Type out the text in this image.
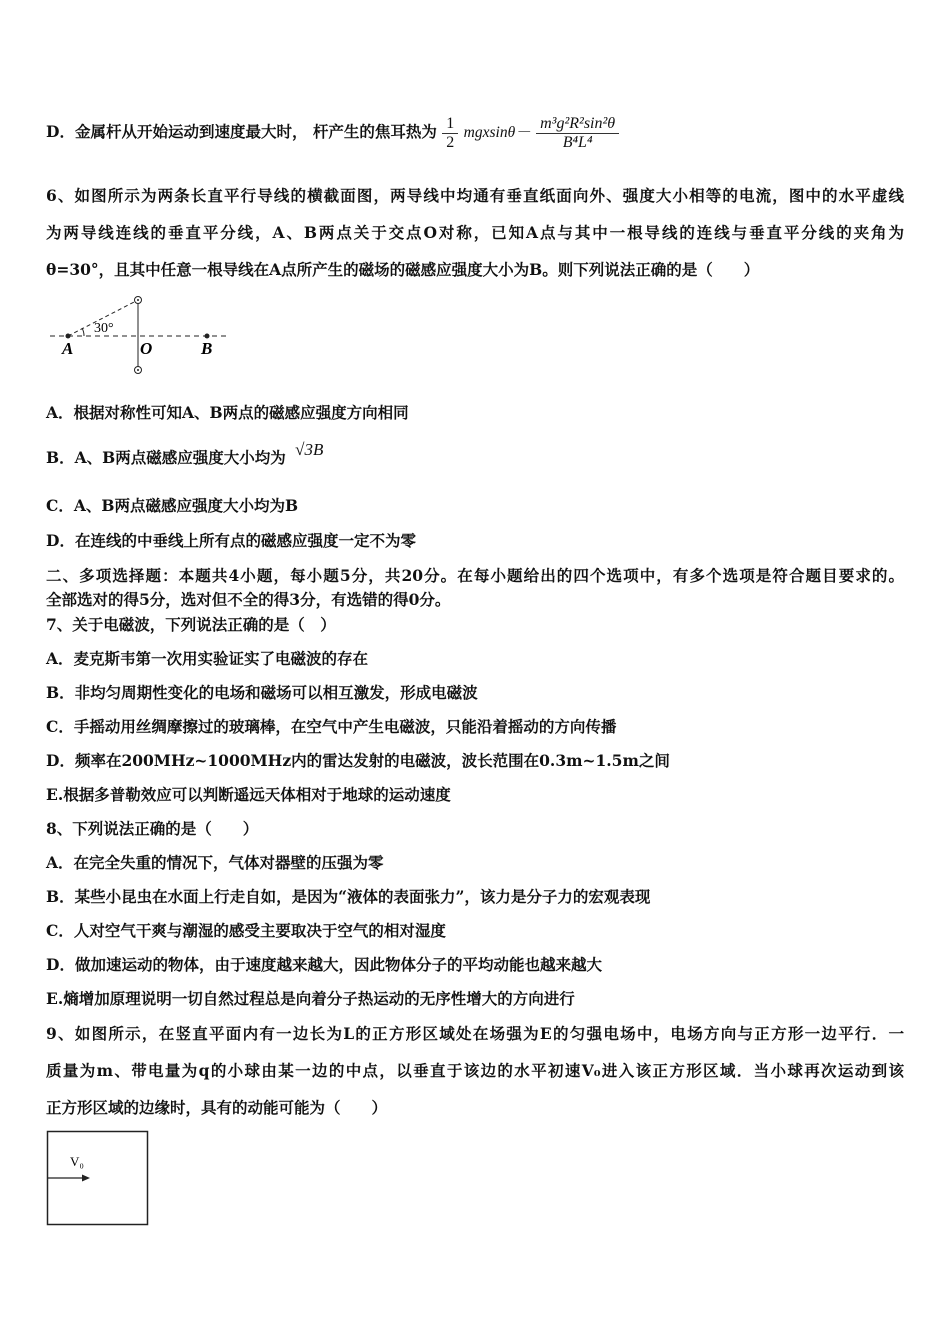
D．金属杆从开始运动到速度最大时， 杆产生的焦耳热为 $\frac{1}{2} mgxsin\theta- \frac{\text{m³g²R²sin²θ}}{\text{B⁴L⁴}}$
6、如图所示为两条长直平行导线的横截面图，两导线中均通有垂直纸面向外、强度大小相等的电流，图中的水平虚线
为两导线连线的垂直平分线，A、B两点关于交点O对称，已知A点与其中一根导线的连线与垂直平分线的夹角为
θ=30°，且其中任意一根导线在A点所产生的磁场的磁感应强度大小为B。则下列说法正确的是（　　）
30°
A	O	B
A．根据对称性可知A、B两点的磁感应强度方向相同
B．A、B两点磁感应强度大小均为 √3B
C．A、B两点磁感应强度大小均为B
D．在连线的中垂线上所有点的磁感应强度一定不为零
二、多项选择题：本题共4小题，每小题5分，共20分。在每小题给出的四个选项中，有多个选项是符合题目要求的。
全部选对的得5分，选对但不全的得3分，有选错的得0分。
7、关于电磁波，下列说法正确的是（　）
A．麦克斯韦第一次用实验证实了电磁波的存在
B．非均匀周期性变化的电场和磁场可以相互激发，形成电磁波
C．手摇动用丝绸摩擦过的玻璃棒，在空气中产生电磁波，只能沿着摇动的方向传播
D．频率在200MHz~1000MHz内的雷达发射的电磁波，波长范围在0.3m~1.5m之间
E.根据多普勒效应可以判断遥远天体相对于地球的运动速度
8、下列说法正确的是（　　）
A．在完全失重的情况下，气体对器壁的压强为零
B．某些小昆虫在水面上行走自如，是因为“液体的表面张力”，该力是分子力的宏观表现
C．人对空气干爽与潮湿的感受主要取决于空气的相对湿度
D．做加速运动的物体，由于速度越来越大，因此物体分子的平均动能也越来越大
E.熵增加原理说明一切自然过程总是向着分子热运动的无序性增大的方向进行
9、如图所示，在竖直平面内有一边长为L的正方形区域处在场强为E的匀强电场中，电场方向与正方形一边平行．一
质量为m、带电量为q的小球由某一边的中点，以垂直于该边的水平初速V₀进入该正方形区域．当小球再次运动到该
正方形区域的边缘时，具有的动能可能为（　　）
V₀
